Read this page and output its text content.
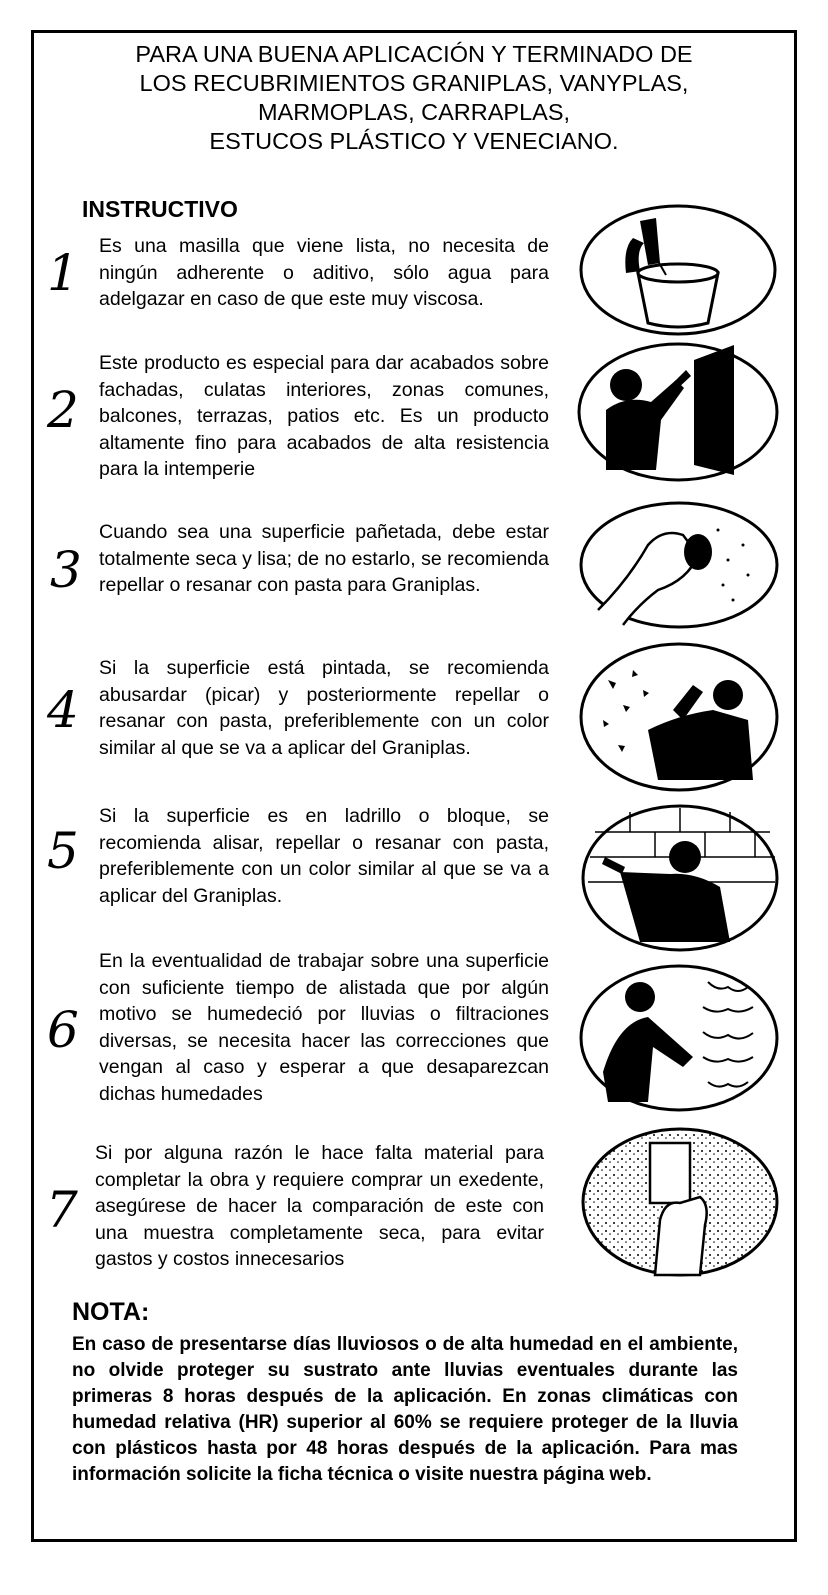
PARA UNA BUENA APLICACIÓN Y TERMINADO DE
LOS RECUBRIMIENTOS GRANIPLAS, VANYPLAS,
MARMOPLAS, CARRAPLAS,
ESTUCOS PLÁSTICO Y VENECIANO.
INSTRUCTIVO
1 Es una masilla que viene lista, no necesita de ningún adherente o aditivo, sólo agua para adelgazar en caso de que este muy viscosa.
2
Este producto es especial para dar acabados sobre fachadas, culatas interiores, zonas comunes, balcones, terrazas, patios etc. Es un producto altamente fino para acabados de alta resistencia para la intemperie
3
Cuando sea una superficie pañetada, debe estar totalmente seca y lisa; de no estarlo, se recomienda repellar o resanar con pasta para Graniplas.
4
Si la superficie está pintada, se recomienda abusardar (picar) y posteriormente repellar o resanar con pasta, preferiblemente con un color similar al que se va a aplicar del Graniplas.
5
Si la superficie es en ladrillo o bloque, se recomienda alisar, repellar o resanar con pasta, preferiblemente con un color similar al que se va a aplicar del Graniplas.
6
En la eventualidad de trabajar sobre una superficie con suficiente tiempo de alistada que por algún motivo se humedeció por lluvias o filtraciones diversas, se necesita hacer las correcciones que vengan al caso y esperar a que desaparezcan dichas humedades
7
Si por alguna razón le hace falta material para completar la obra y requiere comprar un exedente, asegúrese de hacer la comparación de este con una muestra completamente seca, para evitar gastos y costos innecesarios
NOTA:
En caso de presentarse días lluviosos o de alta humedad en el ambiente, no olvide proteger su sustrato ante lluvias eventuales durante las primeras 8 horas después de la aplicación. En zonas climáticas con humedad relativa (HR) superior al 60% se requiere proteger de la lluvia con plásticos hasta por 48 horas después de la aplicación. Para mas información solicite la ficha técnica o visite nuestra página web.
